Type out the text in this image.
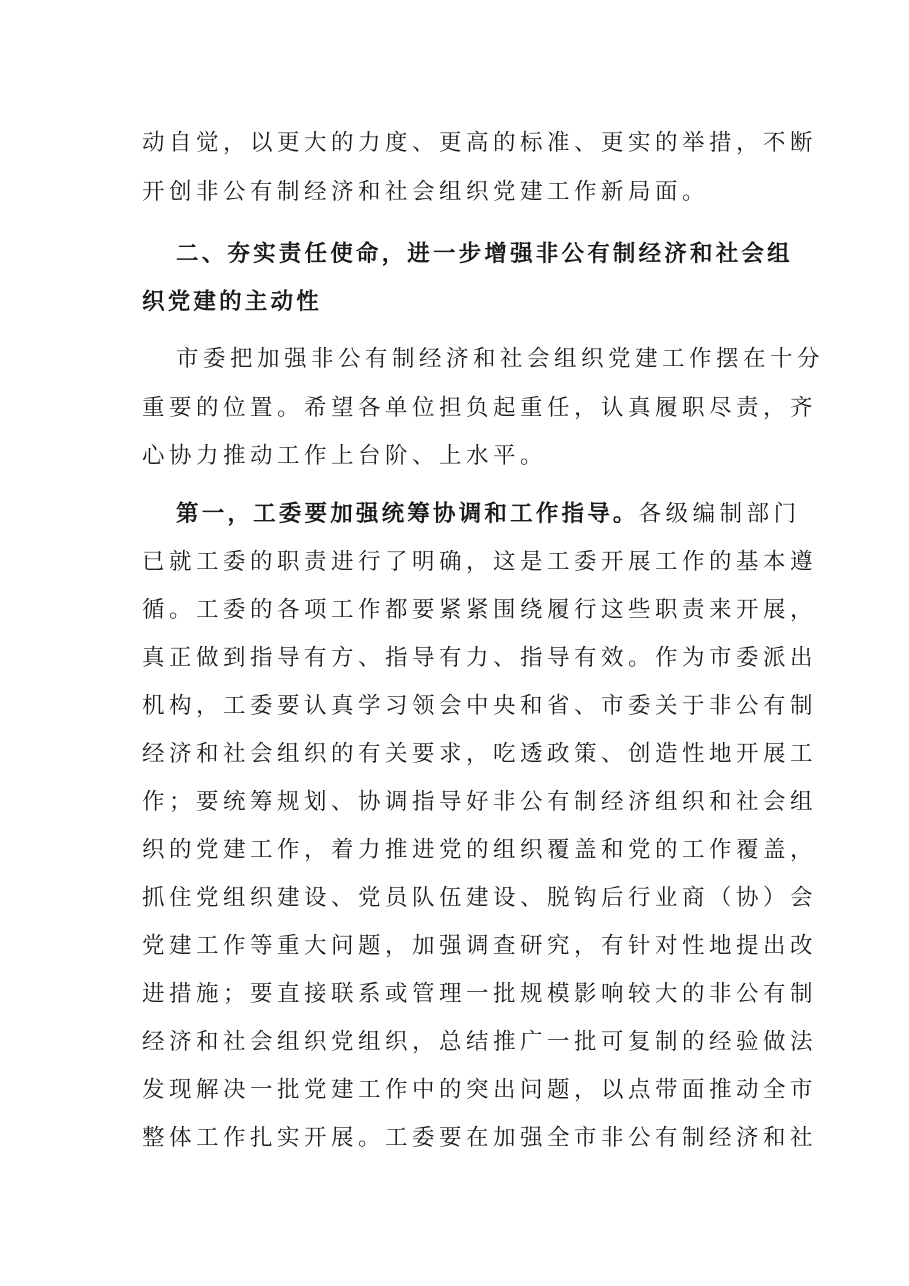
动自觉，以更大的力度、更高的标准、更实的举措，不断
开创非公有制经济和社会组织党建工作新局面。
二、夯实责任使命，进一步增强非公有制经济和社会组
织党建的主动性
市委把加强非公有制经济和社会组织党建工作摆在十分
重要的位置。希望各单位担负起重任，认真履职尽责，齐
心协力推动工作上台阶、上水平。
第一，工委要加强统筹协调和工作指导。各级编制部门
已就工委的职责进行了明确，这是工委开展工作的基本遵
循。工委的各项工作都要紧紧围绕履行这些职责来开展，
真正做到指导有方、指导有力、指导有效。作为市委派出
机构，工委要认真学习领会中央和省、市委关于非公有制
经济和社会组织的有关要求，吃透政策、创造性地开展工
作；要统筹规划、协调指导好非公有制经济组织和社会组
织的党建工作，着力推进党的组织覆盖和党的工作覆盖，
抓住党组织建设、党员队伍建设、脱钩后行业商（协）会
党建工作等重大问题，加强调查研究，有针对性地提出改
进措施；要直接联系或管理一批规模影响较大的非公有制
经济和社会组织党组织，总结推广一批可复制的经验做法
发现解决一批党建工作中的突出问题，以点带面推动全市
整体工作扎实开展。工委要在加强全市非公有制经济和社
